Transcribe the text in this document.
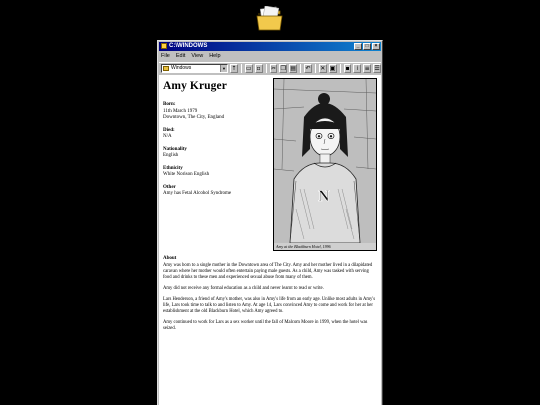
C:\WINDOWS	_	□	×
File Edit View Help
Windows	▼ ↑ ▭ ▫	✂ ❐ ▤ ↶ ✕ ▣	▪	⁞	≡ ☰
Amy Kruger
Born:
11th March 1979
Downtown, The City, England
Died:
N/A
Nationality
English
Ethnicity
White Norison English
Other
Amy has Fetal Alcohol Syndrome	N
Amy at the Blackburn Hotel, 1996
About

Amy was born to a single mother in the Downtown area of The City. Amy and her mother lived in a dilapidated caravan where her mother would often entertain paying male guests. As a child, Amy was tasked with serving food and drinks to these men and experienced sexual abuse from many of them.

Amy did not receive any formal education as a child and never learnt to read or write.

Lars Henderson, a friend of Amy's mother, was also in Amy's life from an early age. Unlike most adults in Amy's life, Lars took time to talk to and listen to Amy. At age 14, Lars convinced Amy to come and work for her at her establishment at the old Blackburn Hotel, which Amy agreed to.

Amy continued to work for Lars as a sex worker until the fall of Malcom Moore in 1999, when the hotel was seized.
